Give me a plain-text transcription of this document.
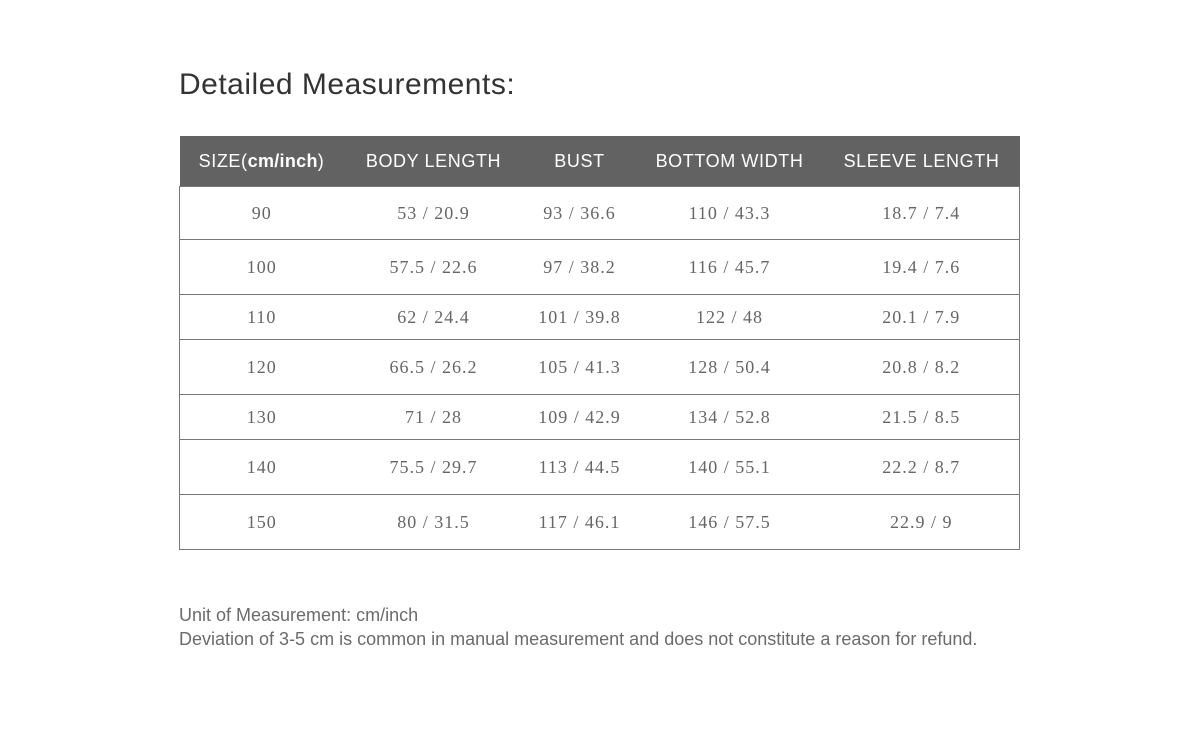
Detailed Measurements:
SIZE(cm/inch)	BODY LENGTH	BUST	BOTTOM WIDTH	SLEEVE LENGTH
90	53 / 20.9	93 / 36.6	110 / 43.3	18.7 / 7.4
100	57.5 / 22.6	97 / 38.2	116 / 45.7	19.4 / 7.6
110	62 / 24.4	101 / 39.8	122 / 48	20.1 / 7.9
120	66.5 / 26.2	105 / 41.3	128 / 50.4	20.8 / 8.2
130	71 / 28	109 / 42.9	134 / 52.8	21.5 / 8.5
140	75.5 / 29.7	113 / 44.5	140 / 55.1	22.2 / 8.7
150	80 / 31.5	117 / 46.1	146 / 57.5	22.9 / 9
Unit of Measurement: cm/inch
Deviation of 3-5 cm is common in manual measurement and does not constitute a reason for refund.
